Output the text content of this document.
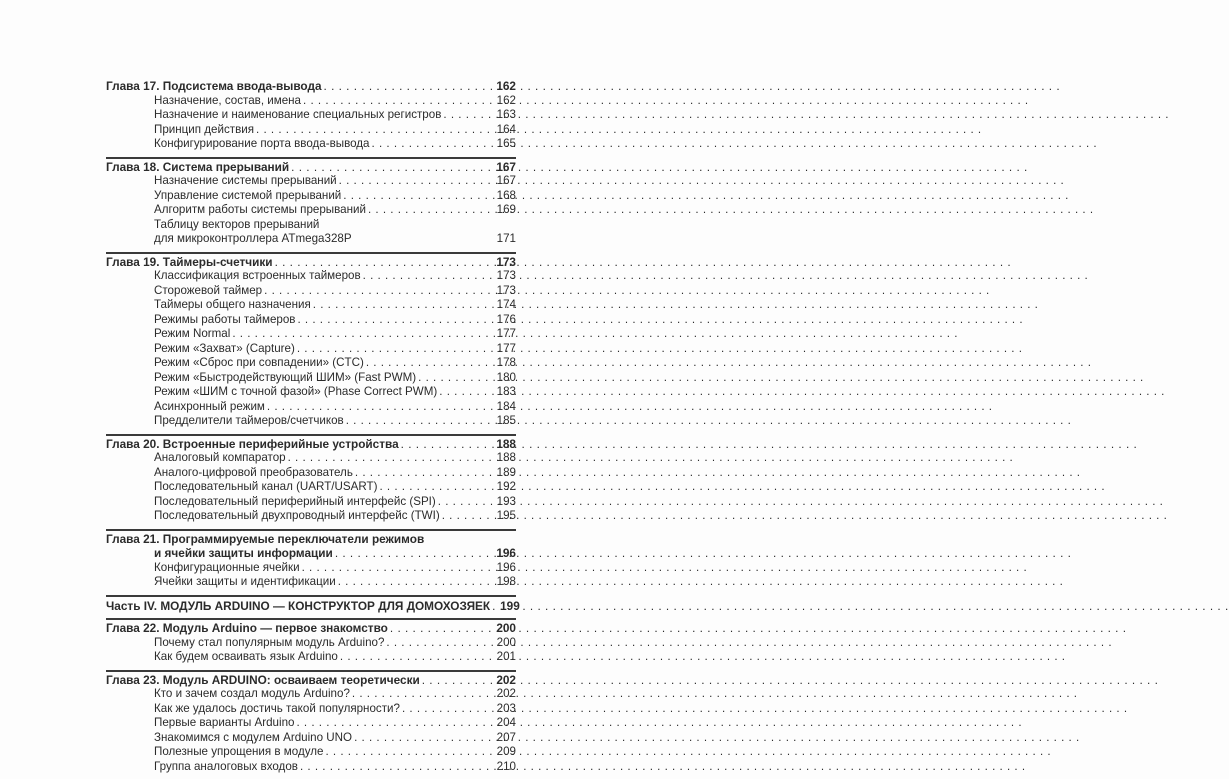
Глава 17. Подсистема ввода-вывода . . .	162
Назначение, состав, имена . . .	162
Назначение и наименование специальных регистров . . .	163
Принцип действия . . .	164
Конфигурирование порта ввода-вывода . . .	165
Глава 18. Система прерываний . . .	167
Назначение системы прерываний . . .	167
Управление системой прерываний . . .	168
Алгоритм работы системы прерываний . . .	169
Таблицу векторов прерываний
для микроконтроллера ATmega328P	171
Глава 19. Таймеры-счетчики . . .	173
Классификация встроенных таймеров . . .	173
Сторожевой таймер . . .	173
Таймеры общего назначения . . .	174
Режимы работы таймеров . . .	176
Режим Normal . . .	177
Режим «Захват» (Capture) . . .	177
Режим «Сброс при совпадении» (CTC) . . .	178
Режим «Быстродействующий ШИМ» (Fast PWM) . . .	180
Режим «ШИМ с точной фазой» (Phase Correct PWM) . . .	183
Асинхронный режим . . .	184
Предделители таймеров/счетчиков . . .	185
Глава 20. Встроенные периферийные устройства . . .	188
Аналоговый компаратор . . .	188
Аналого-цифровой преобразователь . . .	189
Последовательный канал (UART/USART) . . .	192
Последовательный периферийный интерфейс (SPI) . . .	193
Последовательный двухпроводный интерфейс (TWI) . . .	195
Глава 21. Программируемые переключатели режимов
и ячейки защиты информации . . .	196
Конфигурационные ячейки . . .	196
Ячейки защиты и идентификации . . .	198
Часть IV. МОДУЛЬ ARDUINO — КОНСТРУКТОР ДЛЯ ДОМОХОЗЯЕК . . . 199
Глава 22. Модуль Arduino — первое знакомство . . .	200
Почему стал популярным модуль Arduino? . . .	200
Как будем осваивать язык Arduino . . .	201
Глава 23. Модуль ARDUINO: осваиваем теоретически . . .	202
Кто и зачем создал модуль Arduino? . . .	202
Как же удалось достичь такой популярности? . . .	203
Первые варианты Arduino . . .	204
Знакомимся с модулем Arduino UNO . . .	207
Полезные упрощения в модуле . . .	209
Группа аналоговых входов . . .	210
